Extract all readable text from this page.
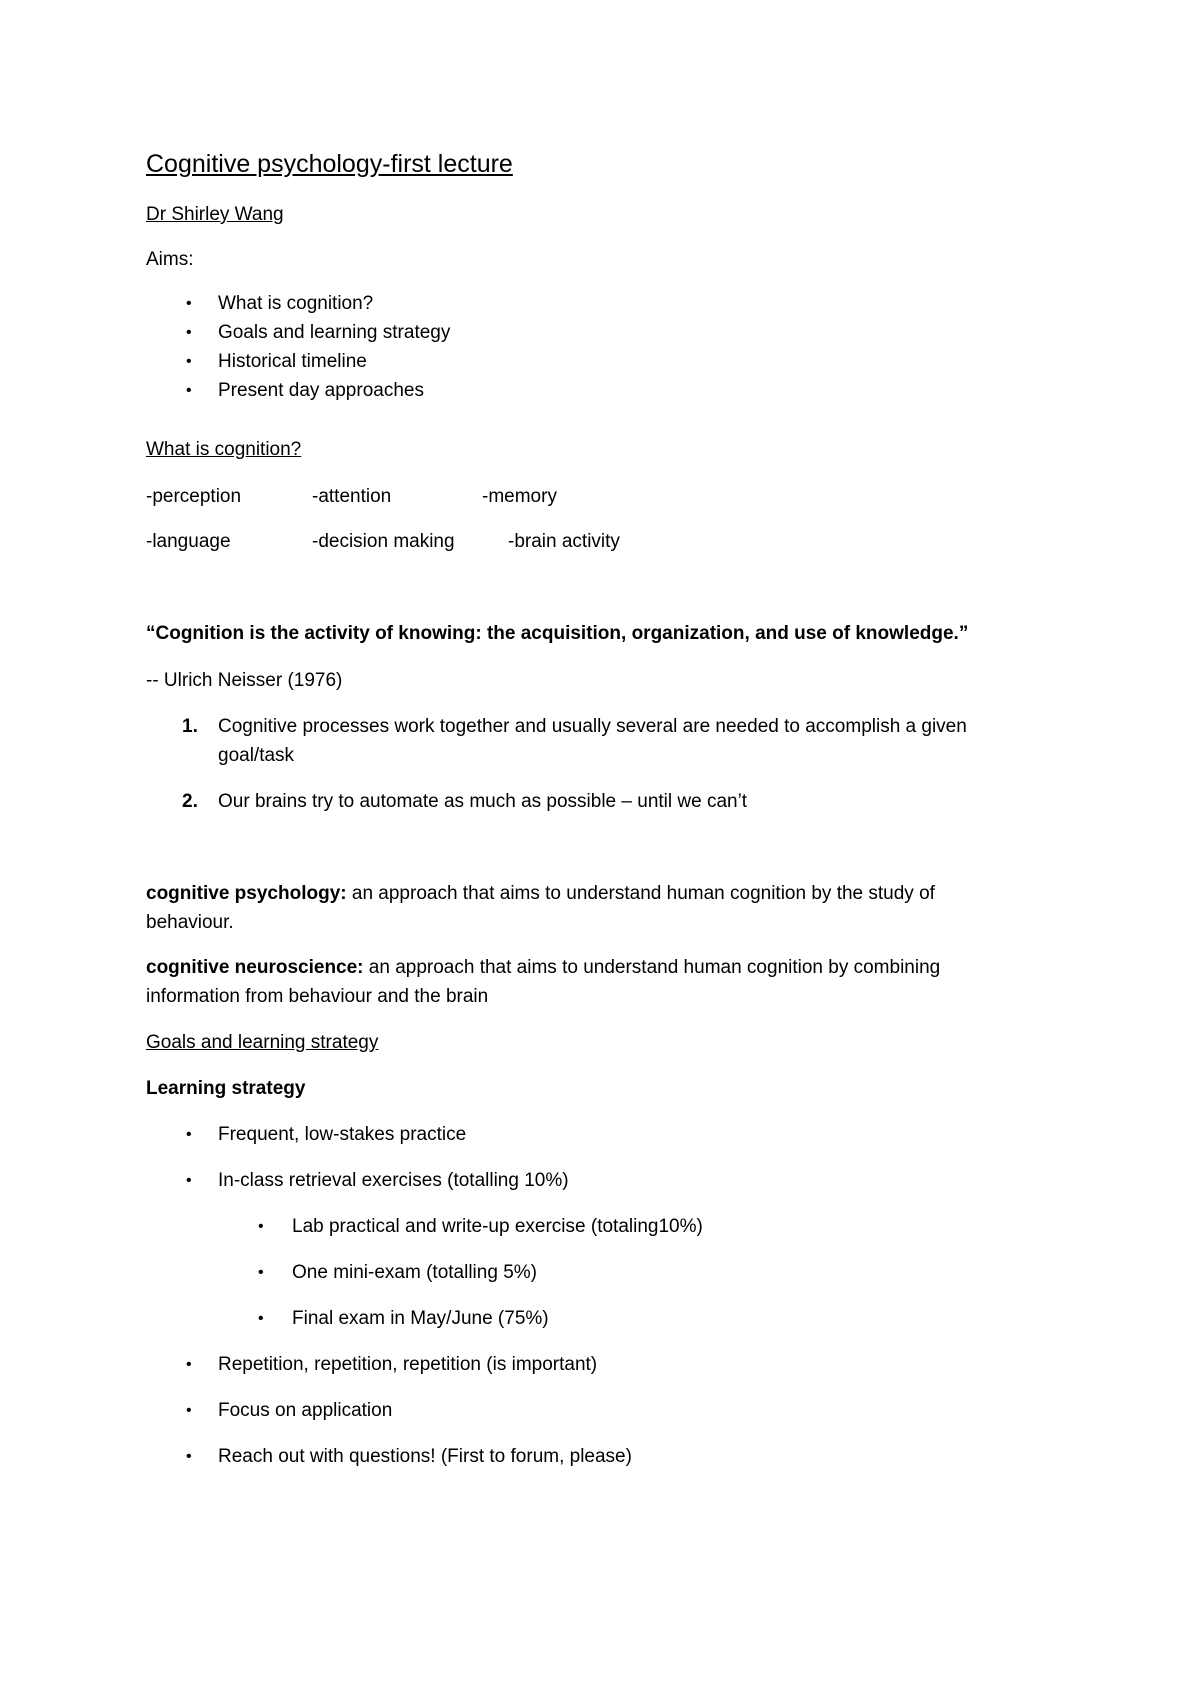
Cognitive psychology-first lecture

Dr Shirley Wang

Aims:

• What is cognition?

• Goals and learning strategy

• Historical timeline

• Present day approaches

What is cognition?

-perception	-attention	-memory
-language	-decision making	-brain activity

“Cognition is the activity of knowing: the acquisition, organization, and use of knowledge.”

-- Ulrich Neisser (1976)

1. Cognitive processes work together and usually several are needed to accomplish a given

goal/task

2. Our brains try to automate as much as possible – until we can’t

cognitive psychology: an approach that aims to understand human cognition by the study of

behaviour.

cognitive neuroscience: an approach that aims to understand human cognition by combining

information from behaviour and the brain

Goals and learning strategy

Learning strategy

• Frequent, low-stakes practice

• In-class retrieval exercises (totalling 10%)

• Lab practical and write-up exercise (totaling10%)

• One mini-exam (totalling 5%)

• Final exam in May/June (75%)

• Repetition, repetition, repetition (is important)

• Focus on application

• Reach out with questions! (First to forum, please)
